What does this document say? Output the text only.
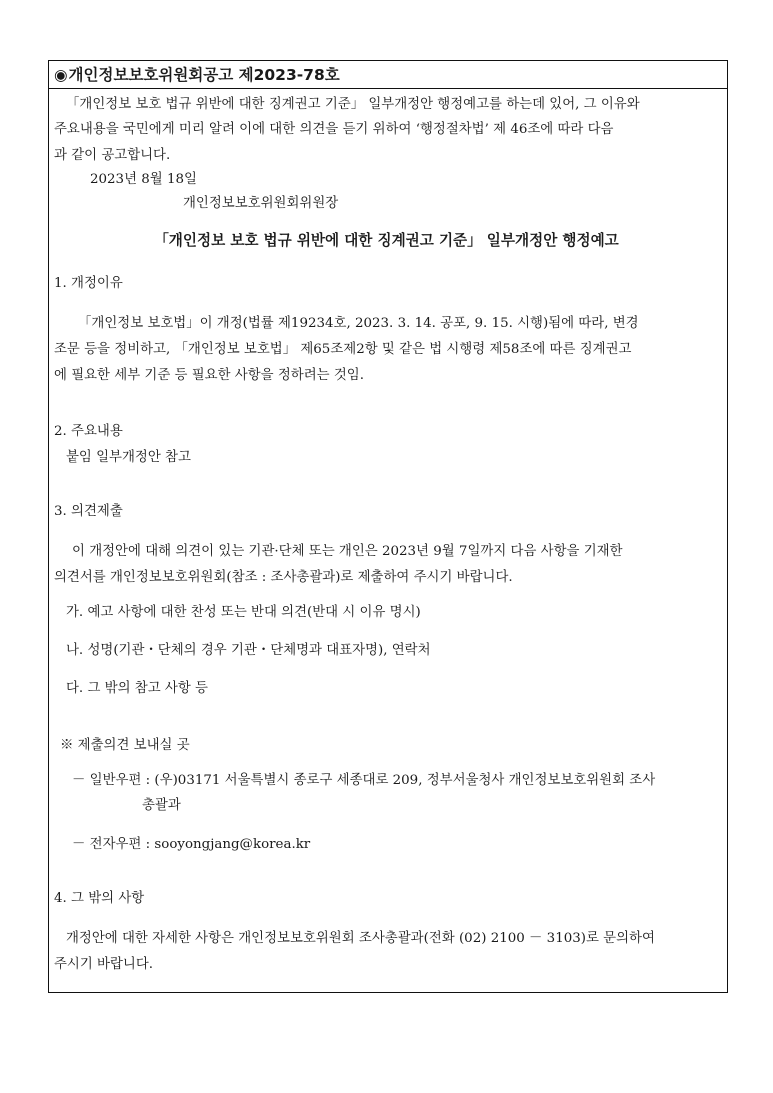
◉개인정보보호위원회공고 제2023-78호
「개인정보 보호 법규 위반에 대한 징계권고 기준」 일부개정안 행정예고를 하는데 있어, 그 이유와
주요내용을 국민에게 미리 알려 이에 대한 의견을 듣기 위하여 ‘행정절차법’ 제 46조에 따라 다음
과 같이 공고합니다.
2023년 8월 18일
개인정보보호위원회위원장
「개인정보 보호 법규 위반에 대한 징계권고 기준」 일부개정안 행정예고
1. 개정이유
「개인정보 보호법」이 개정(법률 제19234호, 2023. 3. 14. 공포, 9. 15. 시행)됨에 따라, 변경
조문 등을 정비하고, 「개인정보 보호법」 제65조제2항 및 같은 법 시행령 제58조에 따른 징계권고
에 필요한 세부 기준 등 필요한 사항을 정하려는 것임.
2. 주요내용
붙임 일부개정안 참고
3. 의견제출
이 개정안에 대해 의견이 있는 기관·단체 또는 개인은 2023년 9월 7일까지 다음 사항을 기재한
의견서를 개인정보보호위원회(참조 : 조사총괄과)로 제출하여 주시기 바랍니다.
가. 예고 사항에 대한 찬성 또는 반대 의견(반대 시 이유 명시)
나. 성명(기관・단체의 경우 기관・단체명과 대표자명), 연락처
다. 그 밖의 참고 사항 등
※ 제출의견 보내실 곳
－ 일반우편 : (우)03171 서울특별시 종로구 세종대로 209, 정부서울청사 개인정보보호위원회 조사
총괄과
－ 전자우편 : sooyongjang@korea.kr
4. 그 밖의 사항
개정안에 대한 자세한 사항은 개인정보보호위원회 조사총괄과(전화 (02) 2100 － 3103)로 문의하여
주시기 바랍니다.
